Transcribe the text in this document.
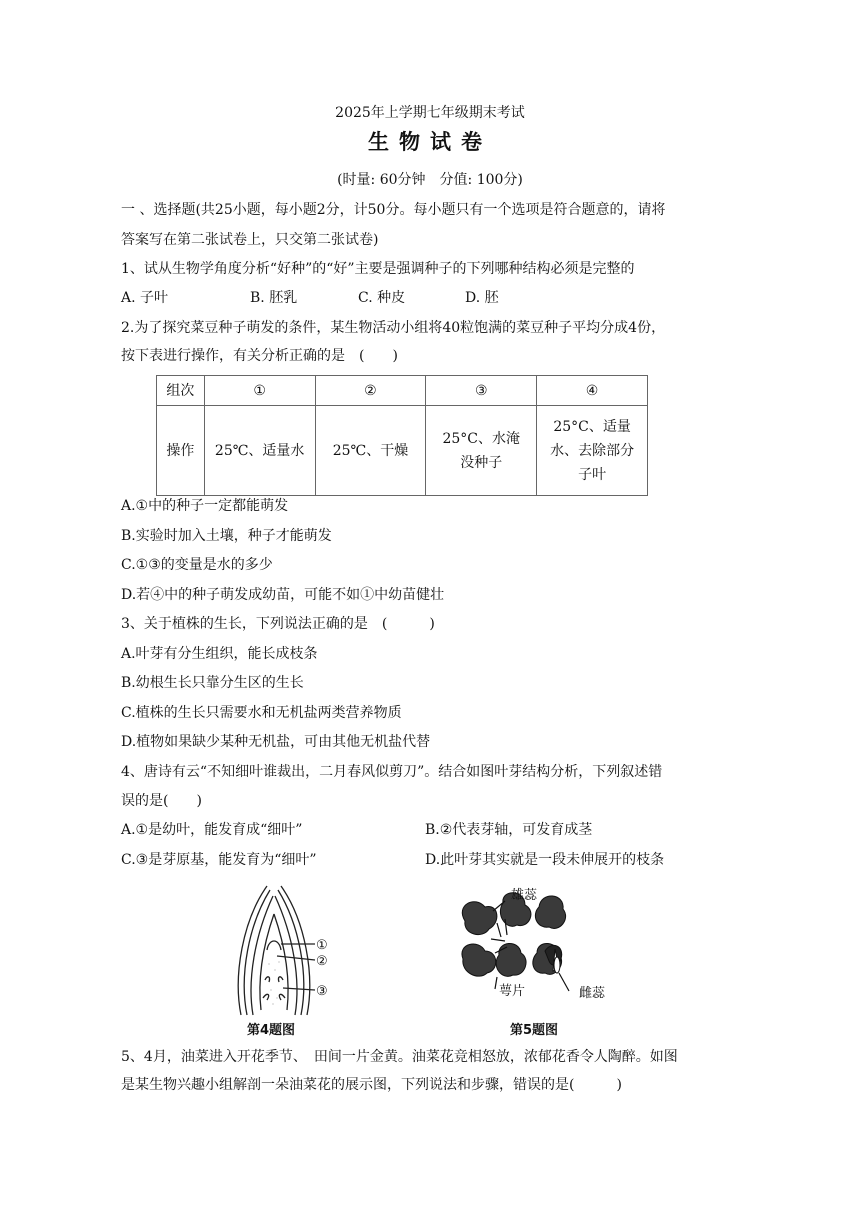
2025年上学期七年级期末考试
生物试卷
(时量: 60分钟　分值: 100分)
一 、选择题(共25小题，每小题2分，计50分。每小题只有一个选项是符合题意的，请将
答案写在第二张试卷上，只交第二张试卷)
1、试从生物学角度分析“好种”的“好”主要是强调种子的下列哪种结构必须是完整的
A. 子叶	B. 胚乳	C. 种皮	D. 胚
2.为了探究菜豆种子萌发的条件，某生物活动小组将40粒饱满的菜豆种子平均分成4份，
按下表进行操作，有关分析正确的是　(　　)
组次	①	②	③	④
操作	25℃、适量水	25℃、干燥	25°C、水淹没种子	25°C、适量水、去除部分子叶
A.①中的种子一定都能萌发
B.实验时加入土壤，种子才能萌发
C.①③的变量是水的多少
D.若④中的种子萌发成幼苗，可能不如①中幼苗健壮
3、关于植株的生长，下列说法正确的是　(　　　)
A.叶芽有分生组织，能长成枝条
B.幼根生长只靠分生区的生长
C.植株的生长只需要水和无机盐两类营养物质
D.植物如果缺少某种无机盐，可由其他无机盐代替
4、唐诗有云“不知细叶谁裁出，二月春风似剪刀”。结合如图叶芽结构分析，下列叙述错
误的是(　　)
A.①是幼叶，能发育成“细叶”	B.②代表芽轴，可发育成茎
C.③是芽原基，能发育为“细叶”	D.此叶芽其实就是一段未伸展开的枝条
①
②
③
第4题图
雄蕊
萼片	雌蕊
第5题图
5、4月，油菜进入开花季节、　田间一片金黄。油菜花竞相怒放，浓郁花香令人陶醉。如图
是某生物兴趣小组解剖一朵油菜花的展示图，下列说法和步骤，错误的是(　　　)
